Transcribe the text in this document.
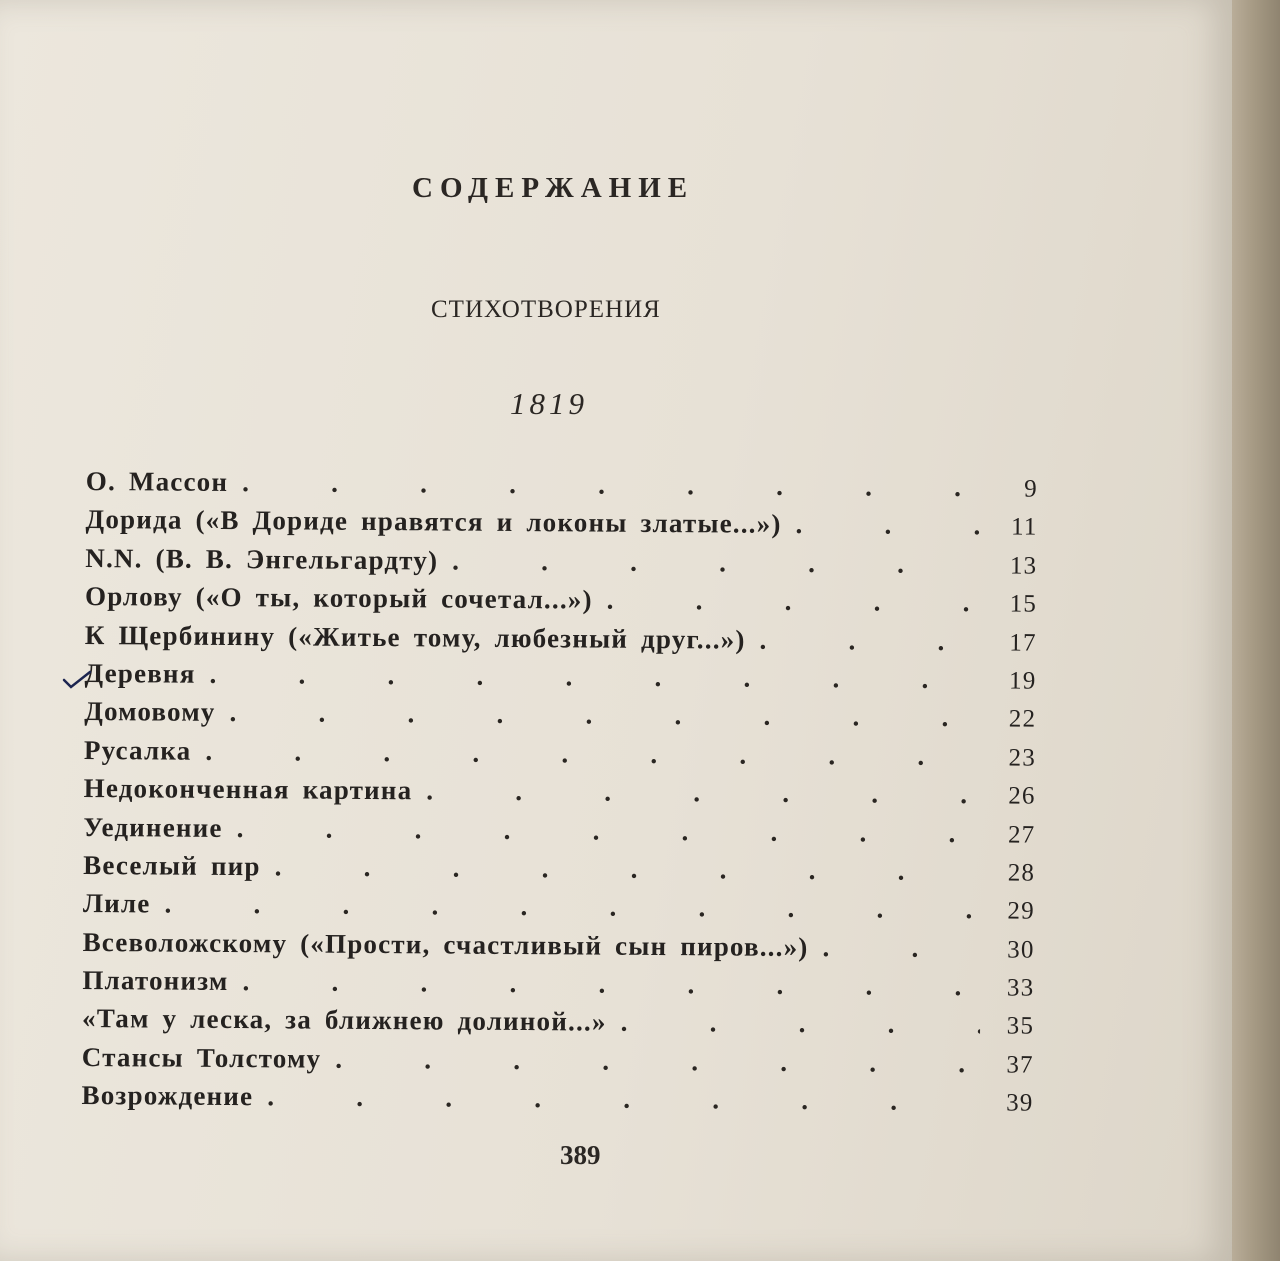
СОДЕРЖАНИЕ
СТИХОТВОРЕНИЯ
1819
О. Массон .	9
Дорида («В Дориде нравятся и локоны златые...») .	11
N.N. (В. В. Энгельгардту) .	13
Орлову («О ты, который сочетал...») .	15
К Щербинину («Житье тому, любезный друг...») .	17
Деревня .	19
Домовому .	22
Русалка .	23
Недоконченная картина .	26
Уединение .	27
Веселый пир .	28
Лиле .	29
Всеволожскому («Прости, счастливый сын пиров...») .	30
Платонизм .	33
«Там у леска, за ближнею долиной...» .	35
Стансы Толстому .	37
Возрождение .	39
389
